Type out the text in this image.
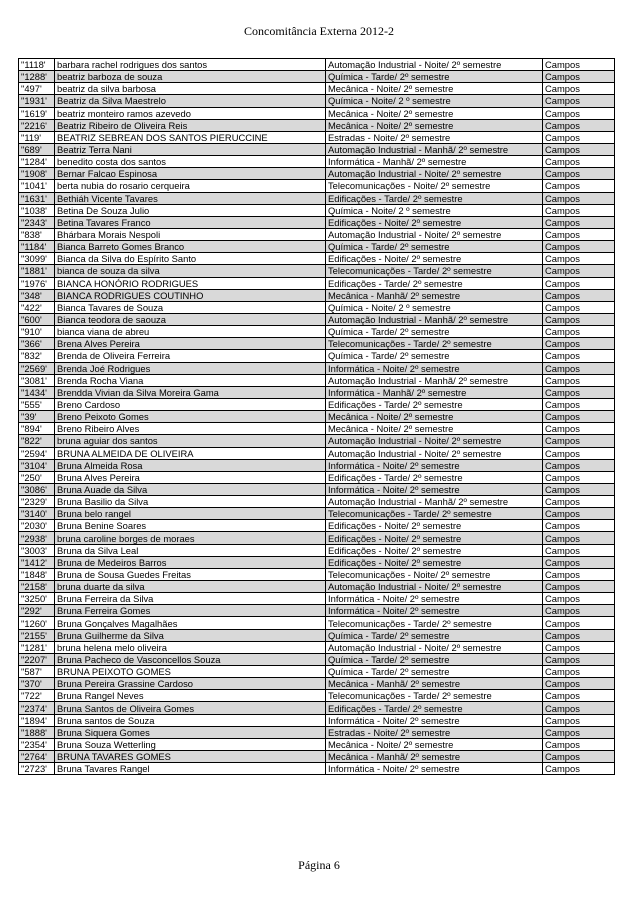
Concomitância Externa 2012-2
"1118'	barbara rachel rodrigues dos santos	Automação Industrial - Noite/ 2º semestre	Campos
"1288'	beatriz barboza de souza	Química - Tarde/ 2º semestre	Campos
"497'	beatriz da silva barbosa	Mecânica - Noite/ 2º semestre	Campos
"1931'	Beatriz da Silva Maestrelo	Química - Noite/ 2 º semestre	Campos
"1619'	beatriz monteiro ramos azevedo	Mecânica - Noite/ 2º semestre	Campos
"2216'	Beatriz Ribeiro de Oliveira Reis	Mecânica - Noite/ 2º semestre	Campos
"119'	BEATRIZ SEBREAN DOS SANTOS PIERUCCINE	Estradas - Noite/ 2º semestre	Campos
"689'	Beatriz Terra Nani	Automação Industrial - Manhã/ 2º semestre	Campos
"1284'	benedito costa dos santos	Informática - Manhã/ 2º semestre	Campos
"1908'	Bernar Falcao Espinosa	Automação Industrial - Noite/ 2º semestre	Campos
"1041'	berta nubia do rosario cerqueira	Telecomunicações - Noite/ 2º semestre	Campos
"1631'	Bethiáh Vicente Tavares	Edificações - Tarde/ 2º semestre	Campos
"1038'	Betina De Souza Julio	Química - Noite/ 2 º semestre	Campos
"2343'	Betina Tavares Franco	Edificações - Noite/ 2º semestre	Campos
"838'	Bhárbara Morais Nespoli	Automação Industrial - Noite/ 2º semestre	Campos
"1184'	Bianca Barreto Gomes Branco	Química - Tarde/ 2º semestre	Campos
"3099'	Bianca da Silva do Espírito Santo	Edificações - Noite/ 2º semestre	Campos
"1881'	bianca de souza da silva	Telecomunicações - Tarde/ 2º semestre	Campos
"1976'	BIANCA HONÓRIO RODRIGUES	Edificações - Tarde/ 2º semestre	Campos
"348'	BIANCA RODRIGUES COUTINHO	Mecânica - Manhã/ 2º semestre	Campos
"422'	Bianca Tavares de Souza	Química - Noite/ 2 º semestre	Campos
"600'	Bianca teodora de saouza	Automação Industrial - Manhã/ 2º semestre	Campos
"910'	bianca viana de abreu	Química - Tarde/ 2º semestre	Campos
"366'	Brena Alves Pereira	Telecomunicações - Tarde/ 2º semestre	Campos
"832'	Brenda de Oliveira Ferreira	Química - Tarde/ 2º semestre	Campos
"2569'	Brenda Joé Rodrigues	Informática - Noite/ 2º semestre	Campos
"3081'	Brenda Rocha Viana	Automação Industrial - Manhã/ 2º semestre	Campos
"1434'	Brendda Vivian da Silva Moreira Gama	Informática - Manhã/ 2º semestre	Campos
"555'	Breno Cardoso	Edificações - Tarde/ 2º semestre	Campos
"39'	Breno Peixoto Gomes	Mecânica - Noite/ 2º semestre	Campos
"894'	Breno Ribeiro Alves	Mecânica - Noite/ 2º semestre	Campos
"822'	bruna aguiar dos santos	Automação Industrial - Noite/ 2º semestre	Campos
"2594'	BRUNA ALMEIDA DE OLIVEIRA	Automação Industrial - Noite/ 2º semestre	Campos
"3104'	Bruna Almeida Rosa	Informática - Noite/ 2º semestre	Campos
"250'	Bruna Alves Pereira	Edificações - Tarde/ 2º semestre	Campos
"3086'	Bruna Auade da Silva	Informática - Noite/ 2º semestre	Campos
"2329'	Bruna Basilio da Silva	Automação Industrial - Manhã/ 2º semestre	Campos
"3140'	Bruna belo rangel	Telecomunicações - Tarde/ 2º semestre	Campos
"2030'	Bruna Benine Soares	Edificações - Noite/ 2º semestre	Campos
"2938'	bruna caroline borges de moraes	Edificações - Noite/ 2º semestre	Campos
"3003'	Bruna da Silva Leal	Edificações - Noite/ 2º semestre	Campos
"1412'	Bruna de Medeiros Barros	Edificações - Noite/ 2º semestre	Campos
"1848'	Bruna de Sousa Guedes Freitas	Telecomunicações - Noite/ 2º semestre	Campos
"2158'	bruna duarte da silva	Automação Industrial - Noite/ 2º semestre	Campos
"3250'	Bruna Ferreira da Silva	Informática - Noite/ 2º semestre	Campos
"292'	Bruna Ferreira Gomes	Informática - Noite/ 2º semestre	Campos
"1260'	Bruna Gonçalves Magalhães	Telecomunicações - Tarde/ 2º semestre	Campos
"2155'	Bruna Guilherme da Silva	Química - Tarde/ 2º semestre	Campos
"1281'	bruna helena melo oliveira	Automação Industrial - Noite/ 2º semestre	Campos
"2207'	Bruna Pacheco de Vasconcellos Souza	Química - Tarde/ 2º semestre	Campos
"587'	BRUNA PEIXOTO GOMES	Química - Tarde/ 2º semestre	Campos
"370'	Bruna Pereira Grassine Cardoso	Mecânica - Manhã/ 2º semestre	Campos
"722'	Bruna Rangel Neves	Telecomunicações - Tarde/ 2º semestre	Campos
"2374'	Bruna Santos de Oliveira Gomes	Edificações - Tarde/ 2º semestre	Campos
"1894'	Bruna santos de Souza	Informática - Noite/ 2º semestre	Campos
"1888'	Bruna Siquera Gomes	Estradas - Noite/ 2º semestre	Campos
"2354'	Bruna Souza Wetterling	Mecânica - Noite/ 2º semestre	Campos
"2764'	BRUNA TAVARES GOMES	Mecânica - Manhã/ 2º semestre	Campos
"2723'	Bruna Tavares Rangel	Informática - Noite/ 2º semestre	Campos
Página 6
